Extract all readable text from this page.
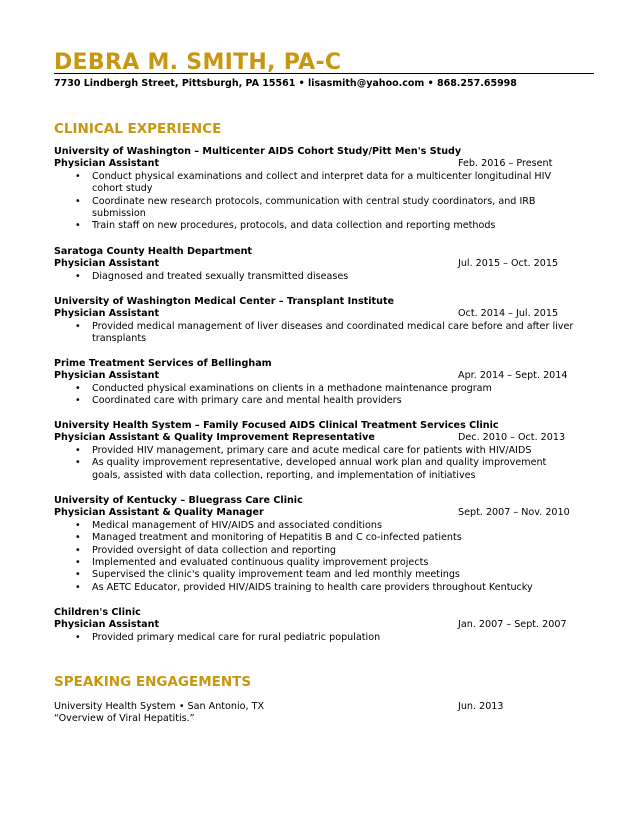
DEBRA M. SMITH, PA-C
7730 Lindbergh Street, Pittsburgh, PA 15561 • lisasmith@yahoo.com • 868.257.65998
CLINICAL EXPERIENCE
University of Washington – Multicenter AIDS Cohort Study/Pitt Men's Study
Physician Assistant	Feb. 2016 – Present
• Conduct physical examinations and collect and interpret data for a multicenter longitudinal HIV cohort study
• Coordinate new research protocols, communication with central study coordinators, and IRB submission
• Train staff on new procedures, protocols, and data collection and reporting methods
Saratoga County Health Department
Physician Assistant	Jul. 2015 – Oct. 2015
• Diagnosed and treated sexually transmitted diseases
University of Washington Medical Center – Transplant Institute
Physician Assistant	Oct. 2014 – Jul. 2015
• Provided medical management of liver diseases and coordinated medical care before and after liver transplants
Prime Treatment Services of Bellingham
Physician Assistant	Apr. 2014 – Sept. 2014
• Conducted physical examinations on clients in a methadone maintenance program
• Coordinated care with primary care and mental health providers
University Health System – Family Focused AIDS Clinical Treatment Services Clinic
Physician Assistant & Quality Improvement Representative	Dec. 2010 – Oct. 2013
• Provided HIV management, primary care and acute medical care for patients with HIV/AIDS
• As quality improvement representative, developed annual work plan and quality improvement goals, assisted with data collection, reporting, and implementation of initiatives
University of Kentucky – Bluegrass Care Clinic
Physician Assistant & Quality Manager	Sept. 2007 – Nov. 2010
• Medical management of HIV/AIDS and associated conditions
• Managed treatment and monitoring of Hepatitis B and C co-infected patients
• Provided oversight of data collection and reporting
• Implemented and evaluated continuous quality improvement projects
• Supervised the clinic's quality improvement team and led monthly meetings
• As AETC Educator, provided HIV/AIDS training to health care providers throughout Kentucky
Children's Clinic
Physician Assistant	Jan. 2007 – Sept. 2007
• Provided primary medical care for rural pediatric population
SPEAKING ENGAGEMENTS
University Health System • San Antonio, TX	Jun. 2013
“Overview of Viral Hepatitis.”
